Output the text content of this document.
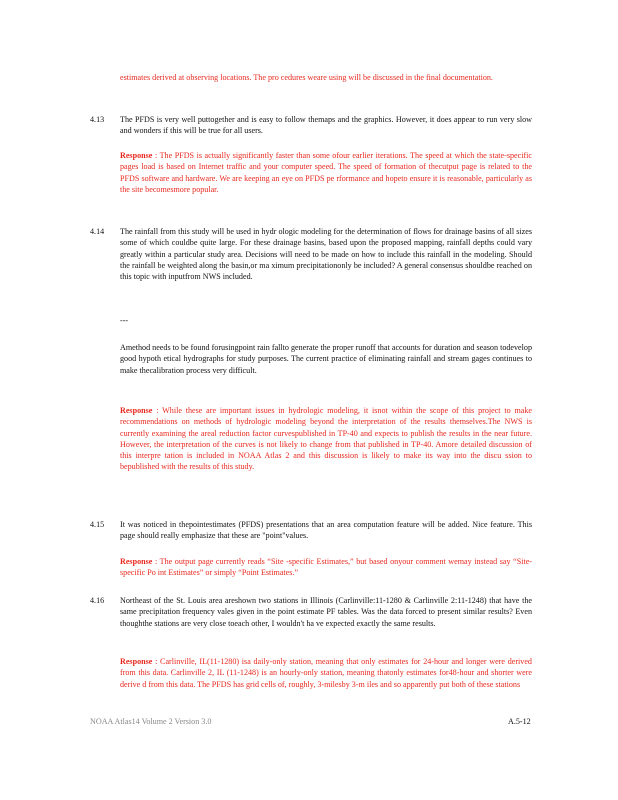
estimates derived at observing locations. The pro cedures weare using will be discussed in the final documentation.

4.13 The PFDS is very well puttogether and is easy to follow themaps and the graphics. However, it does appear to run very slow and wonders if this will be true for all users.

Response : The PFDS is actually significantly faster than some ofour earlier iterations. The speed at which the state-specific pages load is based on Internet traffic and your computer speed. The speed of formation of thecutput page is related to the PFDS software and hardware. We are keeping an eye on PFDS pe rformance and hopeto ensure it is reasonable, particularly as the site becomesmore popular.

4.14 The rainfall from this study will be used in hydr ologic modeling for the determination of flows for drainage basins of all sizes some of which couldbe quite large. For these drainage basins, based upon the proposed mapping, rainfall depths could vary greatly within a particular study area. Decisions will need to be made on how to include this rainfall in the modeling. Should the rainfall be weighted along the basin,or ma ximum precipitationonly be included? A general consensus shouldbe reached on this topic with inputfrom NWS included.

---

Amethod needs to be found forusingpoint rain fallto generate the proper runoff that accounts for duration and season todevelop good hypoth etical hydrographs for study purposes. The current practice of eliminating rainfall and stream gages continues to make thecalibration process very difficult.

Response : While these are important issues in hydrologic modeling, it isnot within the scope of this project to make recommendations on methods of hydrologic modeling beyond the interpretation of the results themselves.The NWS is currently examining the areal reduction factor curvespublished in TP-40 and expects to publish the results in the near future. However, the interpretation of the curves is not likely to change from that published in TP-40. Amore detailed discussion of this interpre tation is included in NOAA Atlas 2 and this discussion is likely to make its way into the discu ssion to bepublished with the results of this study.

4.15 It was noticed in thepointestimates (PFDS) presentations that an area computation feature will be added. Nice feature. This page should really emphasize that these are "point"values.

Response : The output page currently reads “Site -specific Estimates,” but based onyour comment wemay instead say “Site-specific Po int Estimates” or simply “Point Estimates.”

4.16 Northeast of the St. Louis area areshown two stations in Illinois (Carlinville:11-1280 & Carlinville 2:11-1248) that have the same precipitation frequency vales given in the point estimate PF tables. Was the data forced to present similar results? Even thoughthe stations are very close toeach other, I wouldn't ha ve expected exactly the same results.

Response : Carlinville, IL(11-1280) isa daily-only station, meaning that only estimates for 24-hour and longer were derived from this data. Carlinville 2, IL (11-1248) is an hourly-only station, meaning thatonly estimates for48-hour and shorter were derive d from this data. The PFDS has grid cells of, roughly, 3-milesby 3-m iles and so apparently put both of these stations

NOAA Atlas14 Volume 2 Version 3.0	A.5-12
